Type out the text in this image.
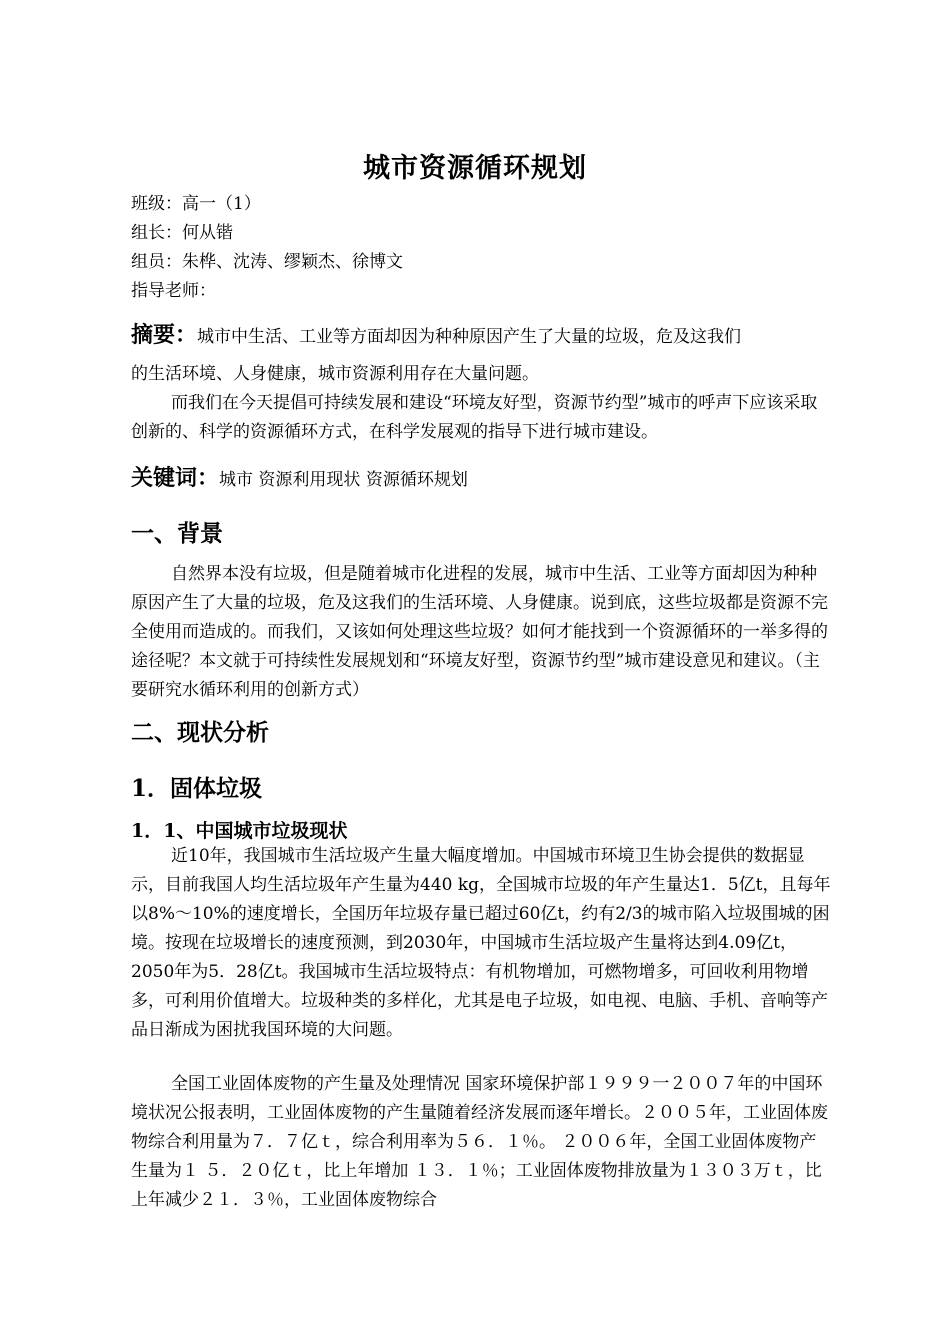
城市资源循环规划
班级：高一（1）
组长：何从锴
组员：朱桦、沈涛、缪颖杰、徐博文
指导老师：
摘要：城市中生活、工业等方面却因为种种原因产生了大量的垃圾，危及这我们
的生活环境、人身健康，城市资源利用存在大量问题。
而我们在今天提倡可持续发展和建设“环境友好型，资源节约型”城市的呼声下应该采取创新的、科学的资源循环方式，在科学发展观的指导下进行城市建设。
关键词：城市 资源利用现状 资源循环规划
一、背景
自然界本没有垃圾，但是随着城市化进程的发展，城市中生活、工业等方面却因为种种原因产生了大量的垃圾，危及这我们的生活环境、人身健康。说到底，这些垃圾都是资源不完全使用而造成的。而我们，又该如何处理这些垃圾？如何才能找到一个资源循环的一举多得的途径呢？本文就于可持续性发展规划和“环境友好型，资源节约型”城市建设意见和建议。（主要研究水循环利用的创新方式）
二、现状分析
1．固体垃圾
1．1、中国城市垃圾现状
近10年，我国城市生活垃圾产生量大幅度增加。中国城市环境卫生协会提供的数据显示，目前我国人均生活垃圾年产生量为440 kg，全国城市垃圾的年产生量达1．5亿t，且每年以8%～10%的速度增长，全国历年垃圾存量已超过60亿t，约有2/3的城市陷入垃圾围城的困境。按现在垃圾增长的速度预测，到2030年，中国城市生活垃圾产生量将达到4.09亿t，2050年为5．28亿t。我国城市生活垃圾特点：有机物增加，可燃物增多，可回收利用物增多，可利用价值增大。垃圾种类的多样化，尤其是电子垃圾，如电视、电脑、手机、音响等产品日渐成为困扰我国环境的大问题。
全国工业固体废物的产生量及处理情况 国家环境保护部１９９９一２００７年的中国环境状况公报表明，工业固体废物的产生量随着经济发展而逐年增长。２００５年，工业固体废物综合利用量为７．７亿ｔ，综合利用率为５６．１％。 ２００６年，全国工业固体废物产生量为１ ５．２０亿ｔ，比上年增加 １３．１％；工业固体废物排放量为１３０３万ｔ，比上年减少２１．３％，工业固体废物综合
